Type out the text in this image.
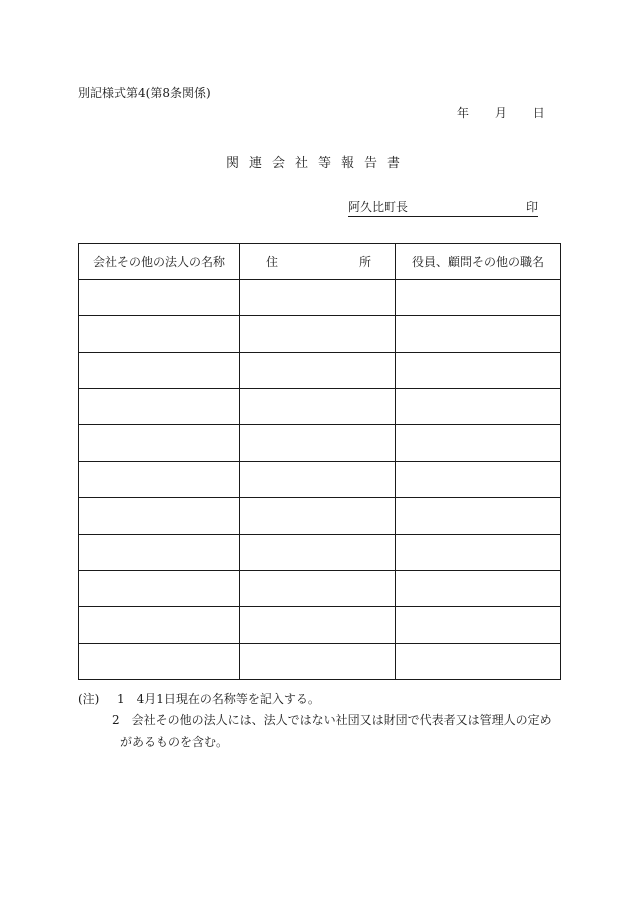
別記様式第4(第8条関係)
年 月 日
関連会社等報告書
阿久比町長	印
会社その他の法人の名称	住 所	役員、顧問その他の職名

(注) 1　4月1日現在の名称等を記入する。
2　会社その他の法人には、法人ではない社団又は財団で代表者又は管理人の定め
があるものを含む。
